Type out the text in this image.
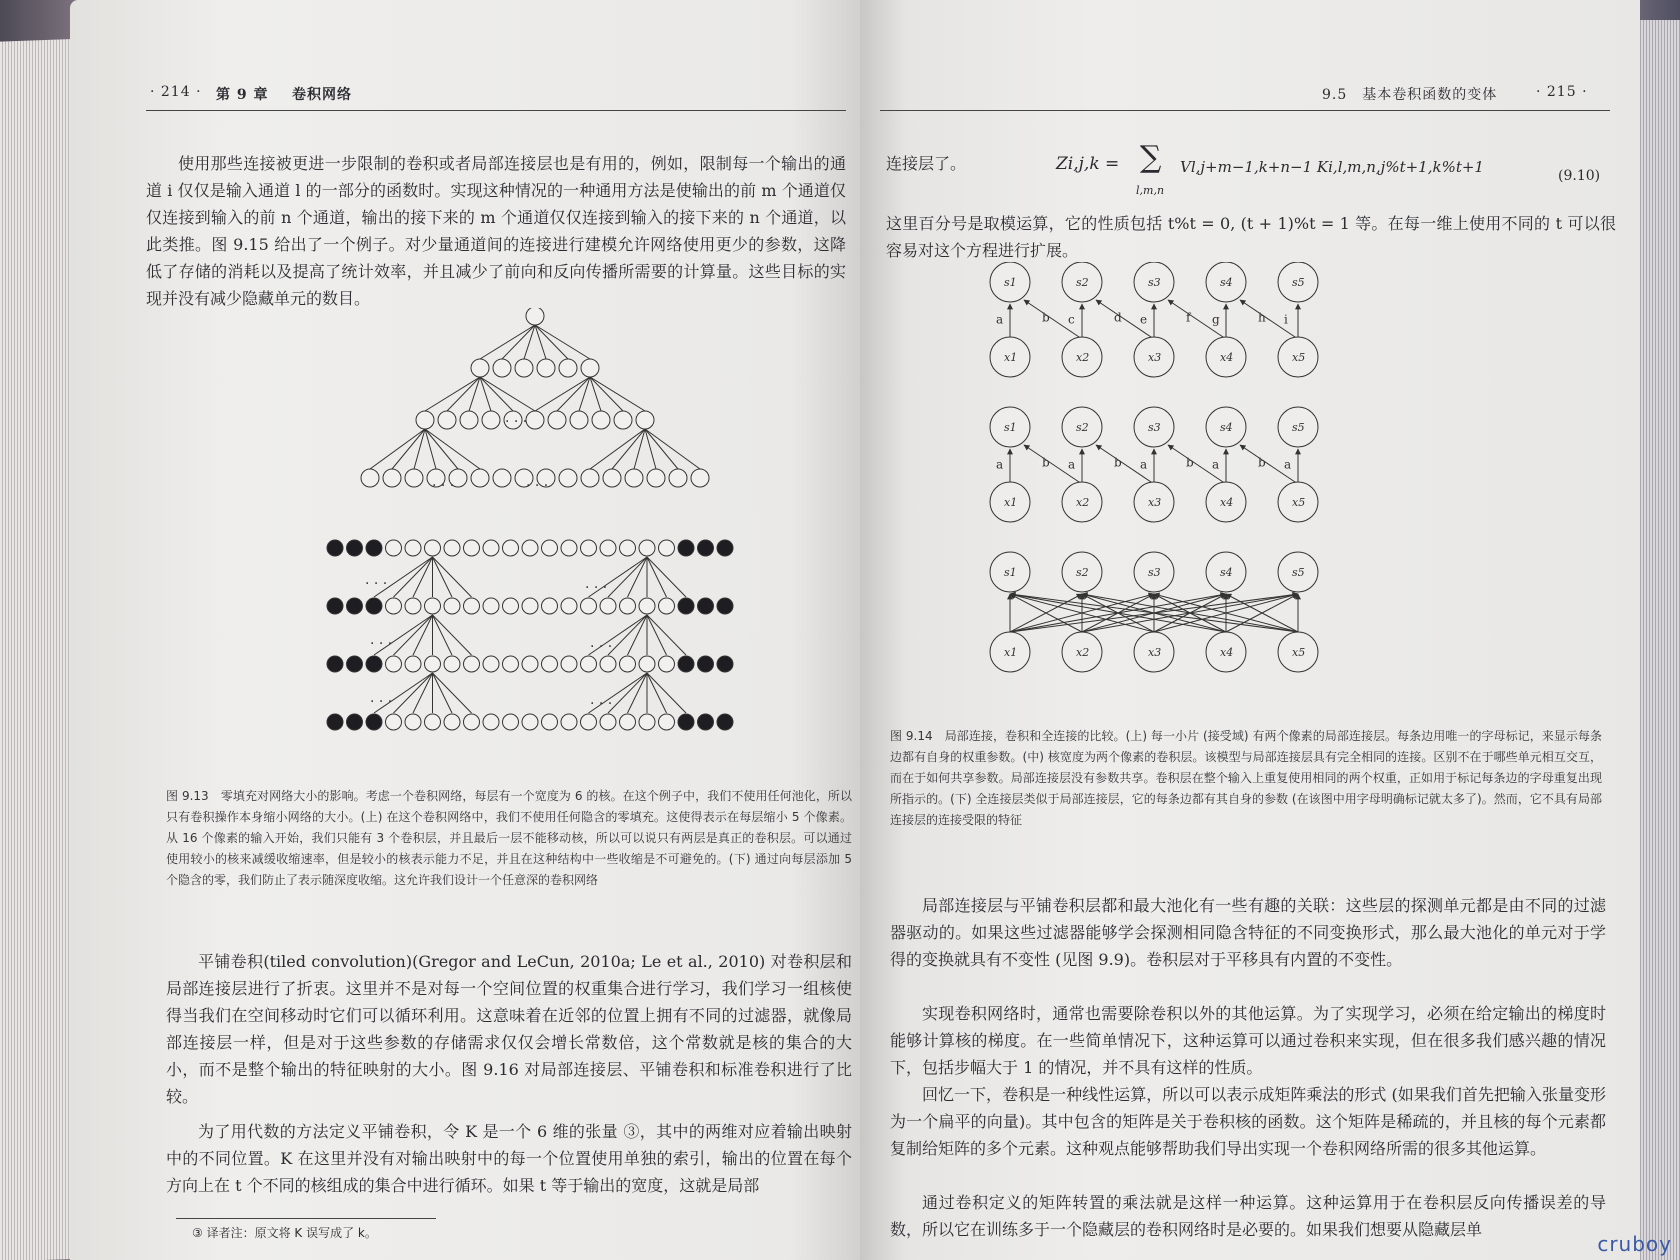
· 214 · 第 9 章 卷积网络
使用那些连接被更进一步限制的卷积或者局部连接层也是有用的，例如，限制每一个输出的通道 i 仅仅是输入通道 l 的一部分的函数时。实现这种情况的一种通用方法是使输出的前 m 个通道仅仅连接到输入的前 n 个通道，输出的接下来的 m 个通道仅仅连接到输入的接下来的 n 个通道，以此类推。图 9.15 给出了一个例子。对少量通道间的连接进行建模允许网络使用更少的参数，这降低了存储的消耗以及提高了统计效率，并且减少了前向和反向传播所需要的计算量。这些目标的实现并没有减少隐藏单元的数目。
· · ·
· · ·	· · ·
· · ·	· · ·
· · ·	· · ·
· · ·	· · ·
图 9.13　零填充对网络大小的影响。考虑一个卷积网络，每层有一个宽度为 6 的核。在这个例子中，我们不使用任何池化，所以只有卷积操作本身缩小网络的大小。(上) 在这个卷积网络中，我们不使用任何隐含的零填充。这使得表示在每层缩小 5 个像素。从 16 个像素的输入开始，我们只能有 3 个卷积层，并且最后一层不能移动核，所以可以说只有两层是真正的卷积层。可以通过使用较小的核来减缓收缩速率，但是较小的核表示能力不足，并且在这种结构中一些收缩是不可避免的。(下) 通过向每层添加 5 个隐含的零，我们防止了表示随深度收缩。这允许我们设计一个任意深的卷积网络
平铺卷积(tiled convolution)(Gregor and LeCun, 2010a; Le et al., 2010) 对卷积层和局部连接层进行了折衷。这里并不是对每一个空间位置的权重集合进行学习，我们学习一组核使得当我们在空间移动时它们可以循环利用。这意味着在近邻的位置上拥有不同的过滤器，就像局部连接层一样，但是对于这些参数的存储需求仅仅会增长常数倍，这个常数就是核的集合的大小，而不是整个输出的特征映射的大小。图 9.16 对局部连接层、平铺卷积和标准卷积进行了比较。
为了用代数的方法定义平铺卷积，令 K 是一个 6 维的张量 ③，其中的两维对应着输出映射中的不同位置。K 在这里并没有对输出映射中的每一个位置使用单独的索引，输出的位置在每个方向上在 t 个不同的核组成的集合中进行循环。如果 t 等于输出的宽度，这就是局部
③ 译者注：原文将 K 误写成了 k。
9.5　基本卷积函数的变体	· 215 ·
连接层了。	Zi,j,k = ∑
l,m,n
Vl,j+m−1,k+n−1 Ki,l,m,n,j%t+1,k%t+1	(9.10)
这里百分号是取模运算，它的性质包括 t%t = 0, (t + 1)%t = 1 等。在每一维上使用不同的 t 可以很容易对这个方程进行扩展。
a	b c	d e	f g	h i
s1
x1
s2
x2
s3
x3
s4
x4
s5
x5
a	b a	b a	b a	b a
s1
x1
s2
x2
s3
x3
s4
x4
s5
x5
s1
x1
s2
x2
s3
x3
s4
x4
s5
x5
图 9.14　局部连接，卷积和全连接的比较。(上) 每一小片 (接受域) 有两个像素的局部连接层。每条边用唯一的字母标记，来显示每条边都有自身的权重参数。(中) 核宽度为两个像素的卷积层。该模型与局部连接层具有完全相同的连接。区别不在于哪些单元相互交互，而在于如何共享参数。局部连接层没有参数共享。卷积层在整个输入上重复使用相同的两个权重，正如用于标记每条边的字母重复出现所指示的。(下) 全连接层类似于局部连接层，它的每条边都有其自身的参数 (在该图中用字母明确标记就太多了)。然而，它不具有局部连接层的连接受限的特征
局部连接层与平铺卷积层都和最大池化有一些有趣的关联：这些层的探测单元都是由不同的过滤器驱动的。如果这些过滤器能够学会探测相同隐含特征的不同变换形式，那么最大池化的单元对于学得的变换就具有不变性 (见图 9.9)。卷积层对于平移具有内置的不变性。
实现卷积网络时，通常也需要除卷积以外的其他运算。为了实现学习，必须在给定输出的梯度时能够计算核的梯度。在一些简单情况下，这种运算可以通过卷积来实现，但在很多我们感兴趣的情况下，包括步幅大于 1 的情况，并不具有这样的性质。
回忆一下，卷积是一种线性运算，所以可以表示成矩阵乘法的形式 (如果我们首先把输入张量变形为一个扁平的向量)。其中包含的矩阵是关于卷积核的函数。这个矩阵是稀疏的，并且核的每个元素都复制给矩阵的多个元素。这种观点能够帮助我们导出实现一个卷积网络所需的很多其他运算。
通过卷积定义的矩阵转置的乘法就是这样一种运算。这种运算用于在卷积层反向传播误差的导数，所以它在训练多于一个隐藏层的卷积网络时是必要的。如果我们想要从隐藏层单
cruboy
